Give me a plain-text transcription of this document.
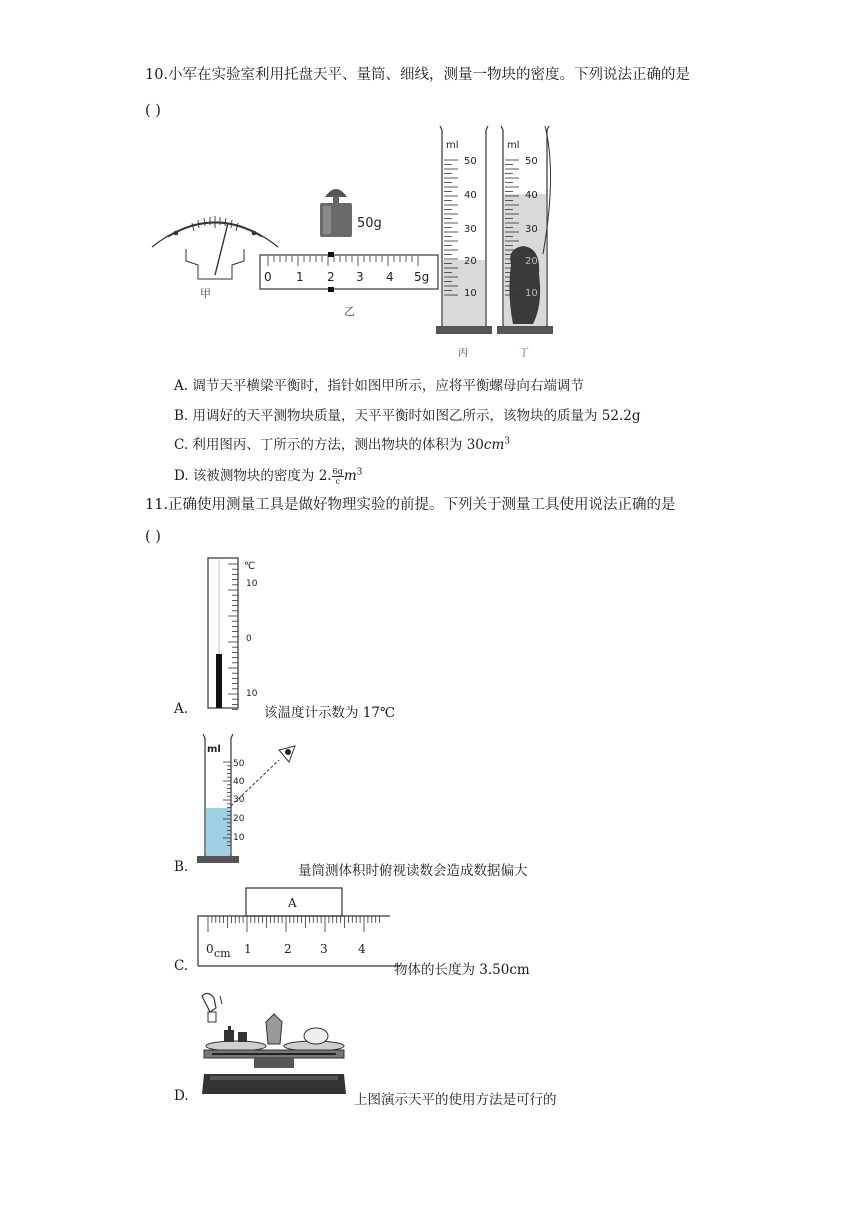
10.小军在实验室利用托盘天平、量筒、细线，测量一物块的密度。下列说法正确的是
( )
甲
50g
0 1 2 3 4 5g
乙
ml
50
40
30
20
10
丙
ml
50
40
30
20
10
丁
A. 调节天平横梁平衡时，指针如图甲所示，应将平衡螺母向右端调节
B. 用调好的天平测物块质量，天平平衡时如图乙所示，该物块的质量为 52.2g
C. 利用图丙、丁所示的方法，测出物块的体积为 $30cm^3$
D. 该被测物块的密度为 2. $\frac{6g}{c} m^3$
11.正确使用测量工具是做好物理实验的前提。下列关于测量工具使用说法正确的是
( )
℃
10
0
10
A.	该温度计示数为 17℃
ml
50
40
30
20
10
B.	量筒测体积时俯视读数会造成数据偏大
A
0 cm 1	2 3	4
C.	物体的长度为 3.50cm
D.	上图演示天平的使用方法是可行的
